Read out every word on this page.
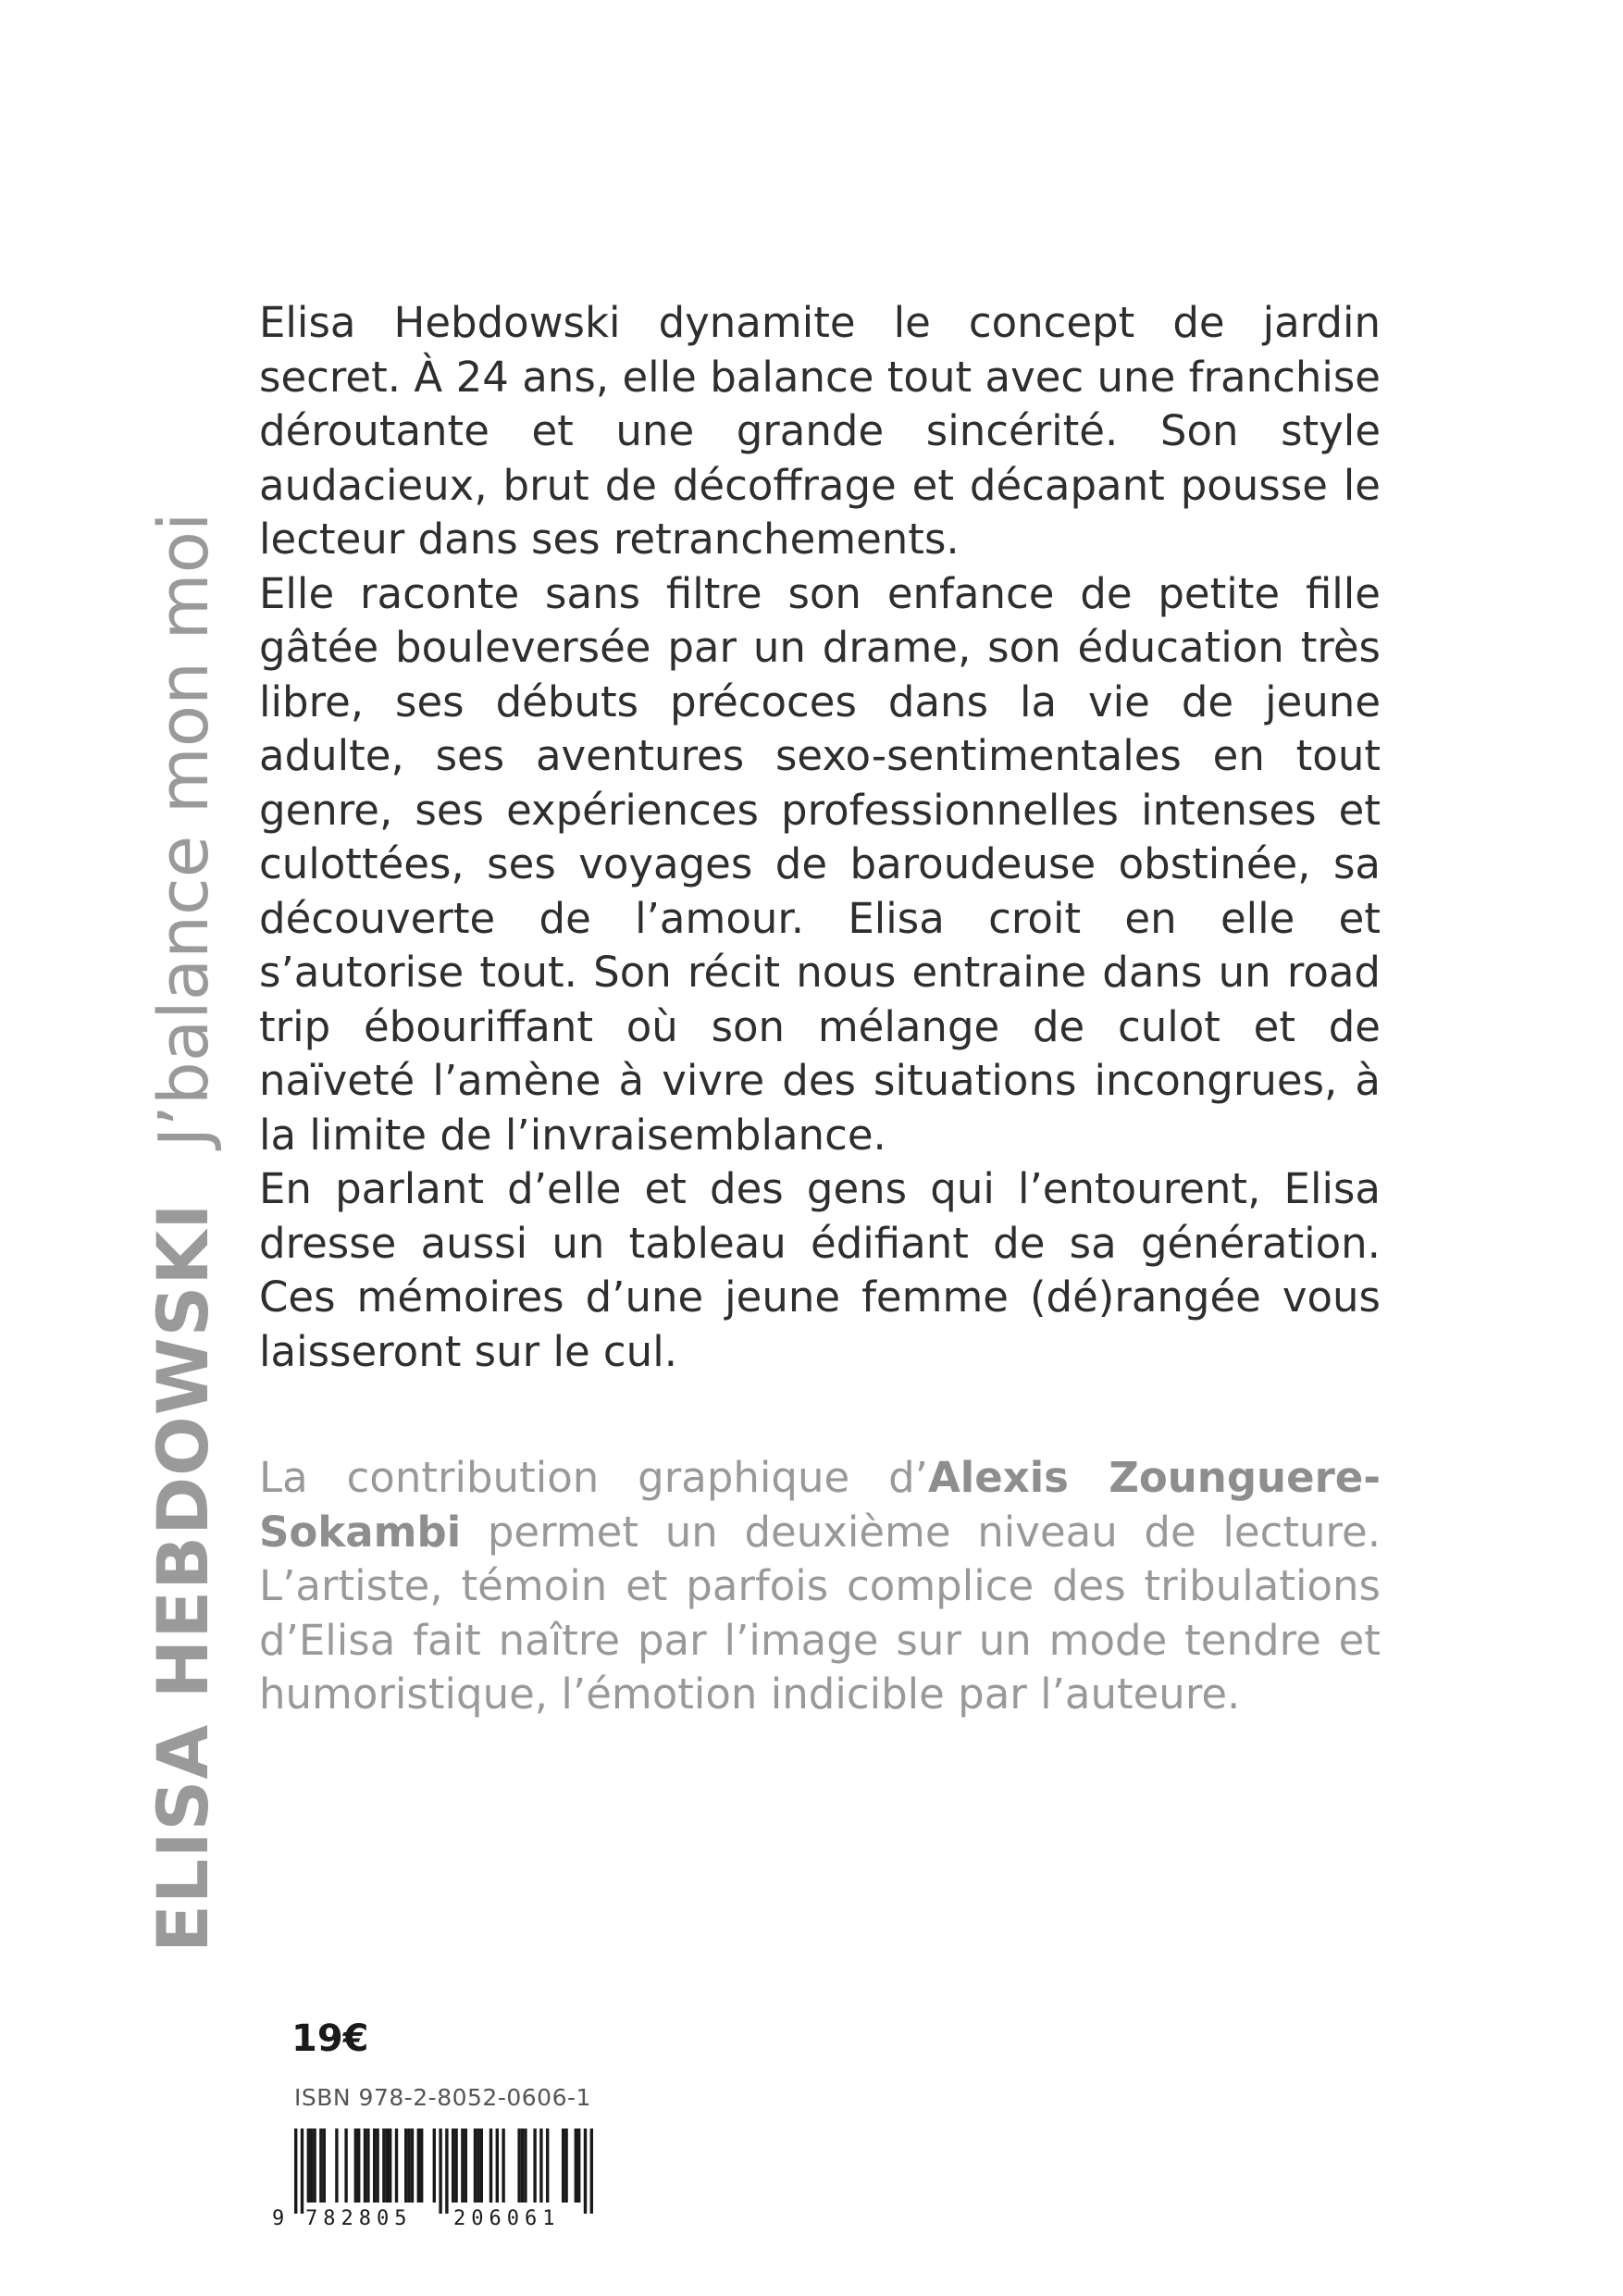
ELISA HEBDOWSKI
J’balance mon moi

Elisa Hebdowski dynamite le concept de jardin secret. À 24 ans, elle balance tout avec une franchise déroutante et une grande sincérité. Son style audacieux, brut de décoffrage et décapant pousse le lecteur dans ses retranchements.

Elle raconte sans filtre son enfance de petite fille gâtée bouleversée par un drame, son éducation très libre, ses débuts précoces dans la vie de jeune adulte, ses aventures sexo-sentimentales en tout genre, ses expériences professionnelles intenses et culottées, ses voyages de baroudeuse obstinée, sa découverte de l’amour. Elisa croit en elle et s’autorise tout. Son récit nous entraine dans un road trip ébouriffant où son mélange de culot et de naïveté l’amène à vivre des situations incongrues, à la limite de l’invraisemblance.

En parlant d’elle et des gens qui l’entourent, Elisa dresse aussi un tableau édifiant de sa génération. Ces mémoires d’une jeune femme (dé)rangée vous laisseront sur le cul.

La contribution graphique d’Alexis Zounguere-Sokambi permet un deuxième niveau de lecture. L’artiste, témoin et parfois complice des tribulations d’Elisa fait naître par l’image sur un mode tendre et humoristique, l’émotion indicible par l’auteure.

19€
ISBN 978-2-8052-0606-1
9 782805 206061
